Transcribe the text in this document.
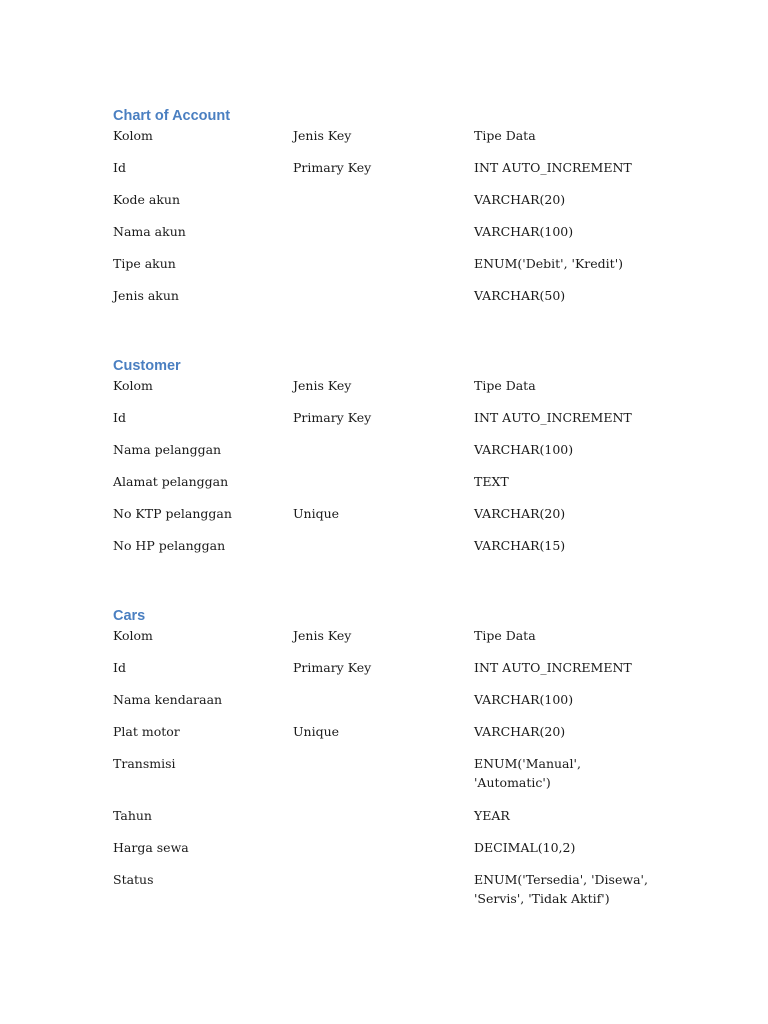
Chart of Account
Kolom	Jenis Key	Tipe Data
Id	Primary Key	INT AUTO_INCREMENT
Kode akun		VARCHAR(20)
Nama akun		VARCHAR(100)
Tipe akun		ENUM('Debit', 'Kredit')
Jenis akun		VARCHAR(50)
Customer
Kolom	Jenis Key	Tipe Data
Id	Primary Key	INT AUTO_INCREMENT
Nama pelanggan		VARCHAR(100)
Alamat pelanggan		TEXT
No KTP pelanggan	Unique	VARCHAR(20)
No HP pelanggan		VARCHAR(15)
Cars
Kolom	Jenis Key	Tipe Data
Id	Primary Key	INT AUTO_INCREMENT
Nama kendaraan		VARCHAR(100)
Plat motor	Unique	VARCHAR(20)
Transmisi		ENUM('Manual',
'Automatic')
Tahun		YEAR
Harga sewa		DECIMAL(10,2)
Status		ENUM('Tersedia', 'Disewa',
'Servis', 'Tidak Aktif')
